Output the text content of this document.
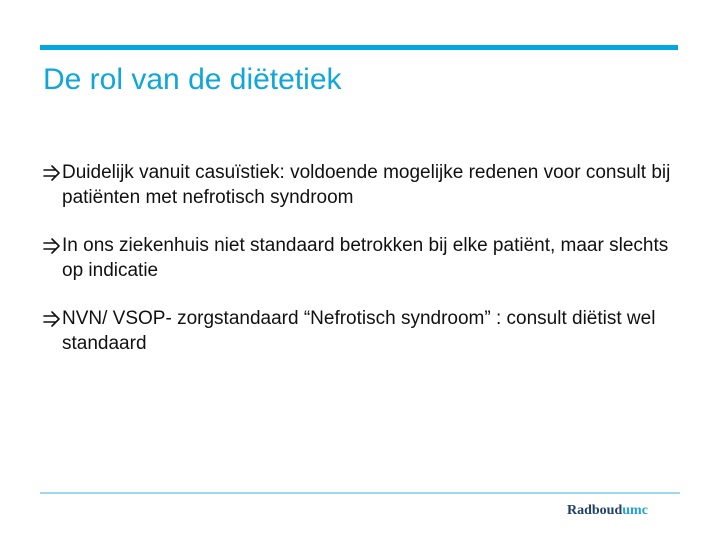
De rol van de diëtetiek
Duidelijk vanuit casuïstiek: voldoende mogelijke redenen voor consult bij patiënten met nefrotisch syndroom
In ons ziekenhuis niet standaard betrokken bij elke patiënt, maar slechts op indicatie
NVN/ VSOP- zorgstandaard “Nefrotisch syndroom” : consult diëtist wel standaard
Radboudumc
